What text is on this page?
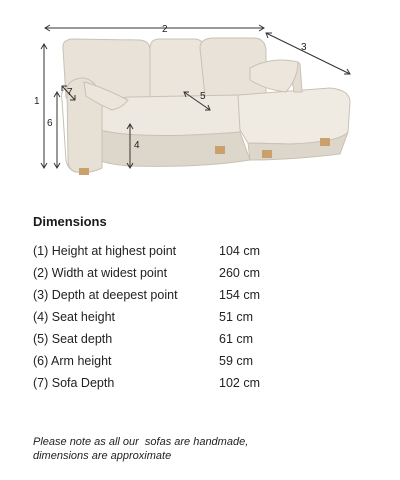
2
3
1
6
7
4
5
Dimensions
(1) Height at highest point	104 cm
(2) Width at widest point	260 cm
(3) Depth at deepest point	154 cm
(4) Seat height	51 cm
(5) Seat depth	61 cm
(6) Arm height	59 cm
(7) Sofa Depth	102 cm
Please note as all our  sofas are handmade,
dimensions are approximate
